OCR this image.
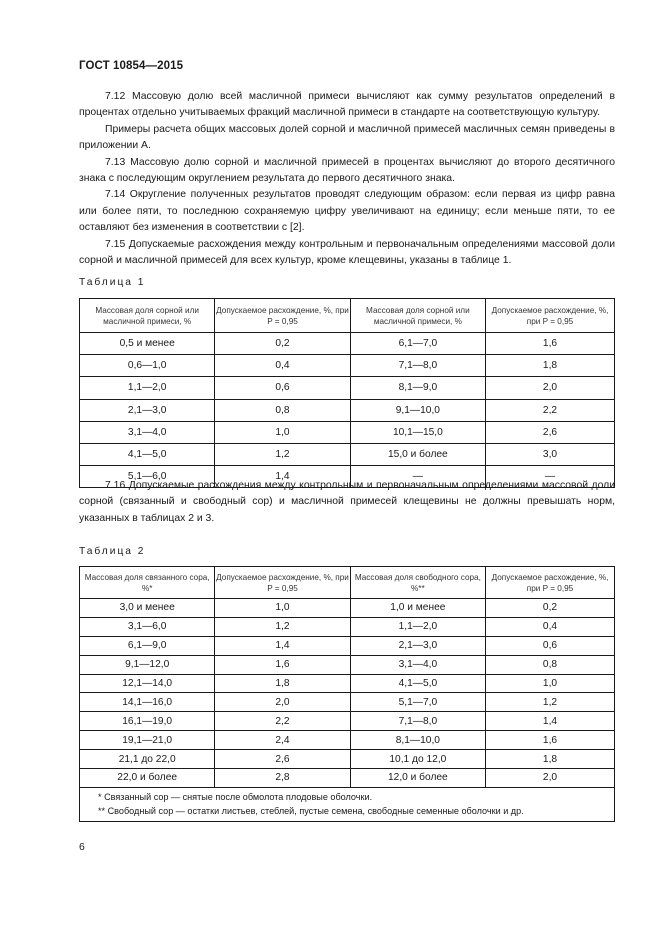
ГОСТ 10854—2015

7.12 Массовую долю всей масличной примеси вычисляют как сумму результатов определений в процентах отдельно учитываемых фракций масличной примеси в стандарте на соответствующую культуру.

Примеры расчета общих массовых долей сорной и масличной примесей масличных семян приведены в приложении А.

7.13 Массовую долю сорной и масличной примесей в процентах вычисляют до второго десятичного знака с последующим округлением результата до первого десятичного знака.

7.14 Округление полученных результатов проводят следующим образом: если первая из цифр равна или более пяти, то последнюю сохраняемую цифру увеличивают на единицу; если меньше пяти, то ее оставляют без изменения в соответствии с [2].

7.15 Допускаемые расхождения между контрольным и первоначальным определениями массовой доли сорной и масличной примесей для всех культур, кроме клещевины, указаны в таблице 1.

Таблица 1
Массовая доля сорной или масличной примеси, %	Допускаемое расхождение, %, при P = 0,95	Массовая доля сорной или масличной примеси, %	Допускаемое расхождение, %, при P = 0,95
0,5 и менее	0,2	6,1—7,0	1,6
0,6—1,0	0,4	7,1—8,0	1,8
1,1—2,0	0,6	8,1—9,0	2,0
2,1—3,0	0,8	9,1—10,0	2,2
3,1—4,0	1,0	10,1—15,0	2,6
4,1—5,0	1,2	15,0 и более	3,0
5,1—6,0	1,4	—	—

7.16 Допускаемые расхождения между контрольным и первоначальным определениями массовой доли сорной (связанный и свободный сор) и масличной примесей клещевины не должны превышать норм, указанных в таблицах 2 и 3.

Таблица 2
Массовая доля связанного сора, %*	Допускаемое расхождение, %, при P = 0,95	Массовая доля свободного сора, %**	Допускаемое расхождение, %, при P = 0,95
3,0 и менее	1,0	1,0 и менее	0,2
3,1—6,0	1,2	1,1—2,0	0,4
6,1—9,0	1,4	2,1—3,0	0,6
9,1—12,0	1,6	3,1—4,0	0,8
12,1—14,0	1,8	4,1—5,0	1,0
14,1—16,0	2,0	5,1—7,0	1,2
16,1—19,0	2,2	7,1—8,0	1,4
19,1—21,0	2,4	8,1—10,0	1,6
21,1 до 22,0	2,6	10,1 до 12,0	1,8
22,0 и более	2,8	12,0 и более	2,0

* Связанный сор — снятые после обмолота плодовые оболочки.
** Свободный сор — остатки листьев, стеблей, пустые семена, свободные семенные оболочки и др.			
6
